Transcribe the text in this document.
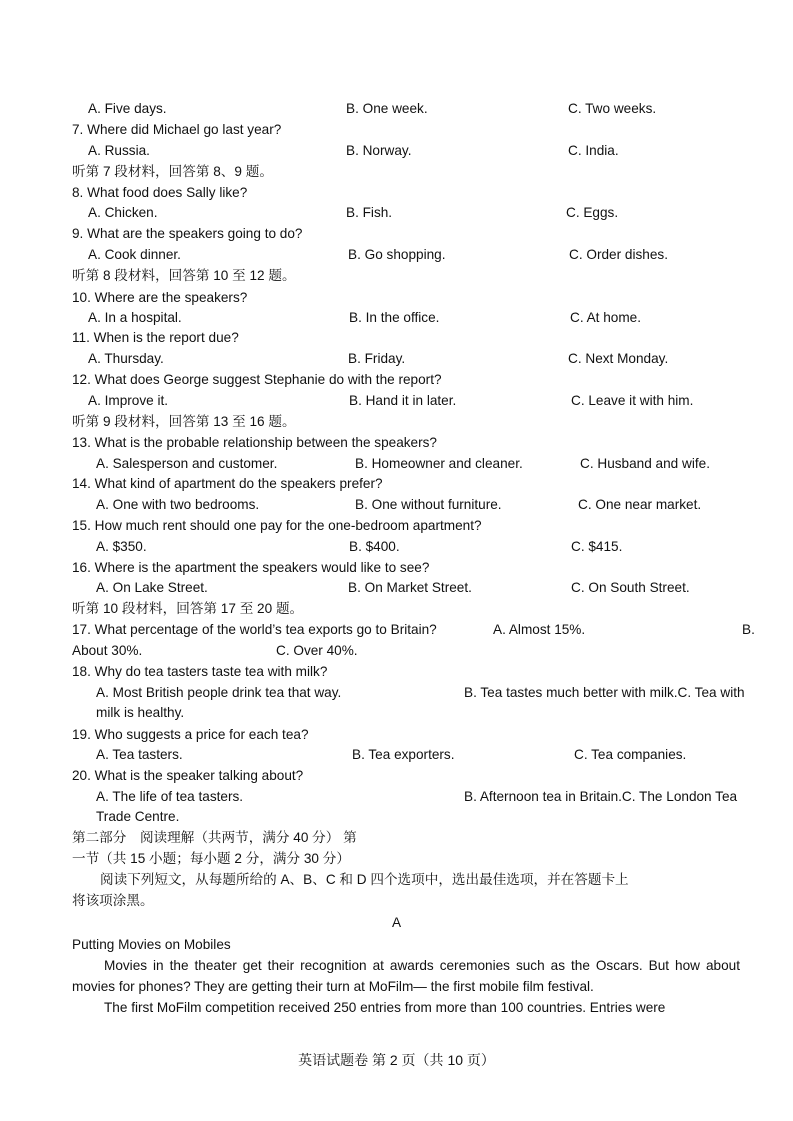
A. Five days.	B. One week.	C. Two weeks.
7. Where did Michael go last year?
A. Russia.	B. Norway.	C. India.
听第 7 段材料，回答第 8、9 题。
8. What food does Sally like?
A. Chicken.	B. Fish.	C. Eggs.
9. What are the speakers going to do?
A. Cook dinner.	B. Go shopping.	C. Order dishes.
听第 8 段材料，回答第 10 至 12 题。
10. Where are the speakers?
A. In a hospital.	B. In the office.	C. At home.
11. When is the report due?
A. Thursday.	B. Friday.	C. Next Monday.
12. What does George suggest Stephanie do with the report?
A. Improve it.	B. Hand it in later.	C. Leave it with him.
听第 9 段材料，回答第 13 至 16 题。
13. What is the probable relationship between the speakers?
A. Salesperson and customer.	B. Homeowner and cleaner.	C. Husband and wife.
14. What kind of apartment do the speakers prefer?
A. One with two bedrooms.	B. One without furniture.	C. One near market.
15. How much rent should one pay for the one-bedroom apartment?
A. $350.	B. $400.	C. $415.
16. Where is the apartment the speakers would like to see?
A. On Lake Street.	B. On Market Street.	C. On South Street.
听第 10 段材料，回答第 17 至 20 题。
17. What percentage of the world’s tea exports go to Britain?	A. Almost 15%.	B.
About 30%.	C. Over 40%.
18. Why do tea tasters taste tea with milk?
A. Most British people drink tea that way.	B. Tea tastes much better with milk.C. Tea with
milk is healthy.
19. Who suggests a price for each tea?
A. Tea tasters.	B. Tea exporters.	C. Tea companies.
20. What is the speaker talking about?
A. The life of tea tasters.	B. Afternoon tea in Britain.C. The London Tea
Trade Centre.
第二部分　阅读理解（共两节，满分 40 分） 第
一节（共 15 小题；每小题 2 分，满分 30 分）
阅读下列短文，从每题所给的 A、B、C 和 D 四个选项中，选出最佳选项，并在答题卡上
将该项涂黑。
A
Putting Movies on Mobiles
Movies in the theater get their recognition at awards ceremonies such as the Oscars. But how about movies for phones? They are getting their turn at MoFilm— the first mobile film festival.
The first MoFilm competition received 250 entries from more than 100 countries. Entries were
英语试题卷 第 2 页（共 10 页）
